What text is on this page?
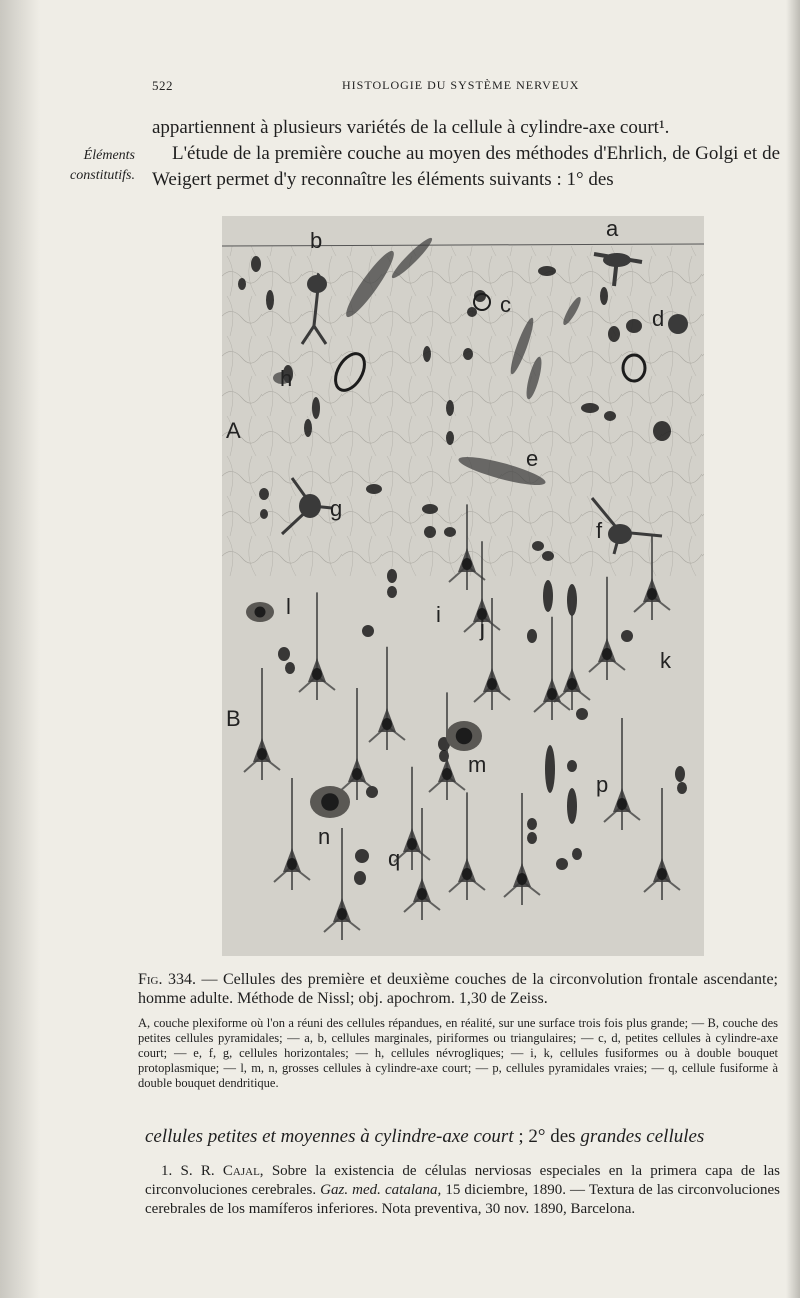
522	HISTOLOGIE DU SYSTÈME NERVEUX
Éléments
constitutifs.

appartiennent à plusieurs variétés de la cellule à cylindre-axe court¹.

L'étude de la première couche au moyen des méthodes d'Ehrlich, de Golgi et de Weigert permet d'y reconnaître les éléments suivants : 1° des

a
b
c
d
e
f
g
h
i
j
k
l
m
n
p
q
A
B
Fig. 334. — Cellules des première et deuxième couches de la circonvolution frontale ascendante; homme adulte. Méthode de Nissl; obj. apochrom. 1,30 de Zeiss.
A, couche plexiforme où l'on a réuni des cellules répandues, en réalité, sur une surface trois fois plus grande; — B, couche des petites cellules pyramidales; — a, b, cellules marginales, piriformes ou triangulaires; — c, d, petites cellules à cylindre-axe court; — e, f, g, cellules horizontales; — h, cellules névrogliques; — i, k, cellules fusiformes ou à double bouquet protoplasmique; — l, m, n, grosses cellules à cylindre-axe court; — p, cellules pyramidales vraies; — q, cellule fusiforme à double bouquet dendritique.
cellules petites et moyennes à cylindre-axe court ; 2° des grandes cellules
1. S. R. Cajal, Sobre la existencia de células nerviosas especiales en la primera capa de las circonvoluciones cerebrales. Gaz. med. catalana, 15 diciembre, 1890. — Textura de las circonvoluciones cerebrales de los mamíferos inferiores. Nota preventiva, 30 nov. 1890, Barcelona.
